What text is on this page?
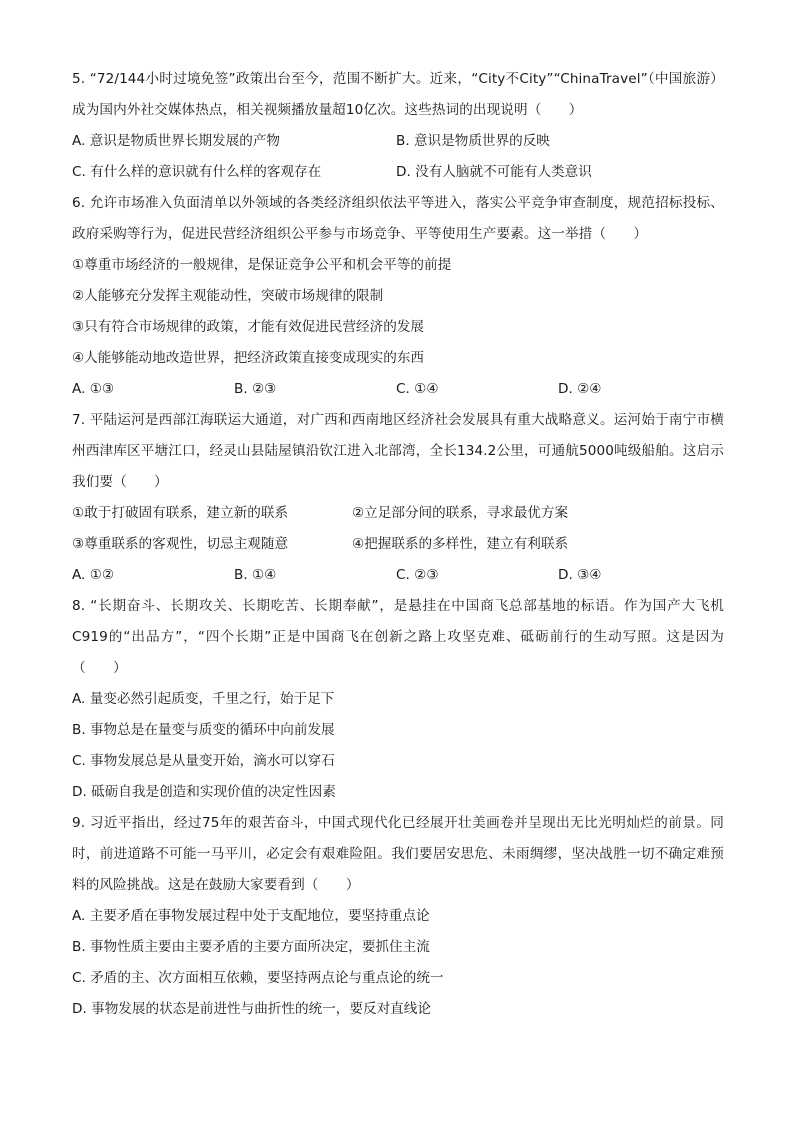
5. “72/144小时过境免签”政策出台至今，范围不断扩大。近来，“City不City”“ChinaTravel”（中国旅游）成为国内外社交媒体热点，相关视频播放量超10亿次。这些热词的出现说明（　　）

A. 意识是物质世界长期发展的产物	B. 意识是物质世界的反映
C. 有什么样的意识就有什么样的客观存在	D. 没有人脑就不可能有人类意识

6. 允许市场准入负面清单以外领域的各类经济组织依法平等进入，落实公平竞争审查制度，规范招标投标、政府采购等行为，促进民营经济组织公平参与市场竞争、平等使用生产要素。这一举措（　　）

①尊重市场经济的一般规律，是保证竞争公平和机会平等的前提

②人能够充分发挥主观能动性，突破市场规律的限制

③只有符合市场规律的政策，才能有效促进民营经济的发展

④人能够能动地改造世界，把经济政策直接变成现实的东西

A. ①③	B. ②③	C. ①④	D. ②④

7. 平陆运河是西部江海联运大通道，对广西和西南地区经济社会发展具有重大战略意义。运河始于南宁市横州西津库区平塘江口，经灵山县陆屋镇沿钦江进入北部湾，全长134.2公里，可通航5000吨级船舶。这启示我们要（　　）

①敢于打破固有联系，建立新的联系	②立足部分间的联系，寻求最优方案
③尊重联系的客观性，切忌主观随意	④把握联系的多样性，建立有利联系
A. ①②	B. ①④	C. ②③	D. ③④

8. “长期奋斗、长期攻关、长期吃苦、长期奉献”，是悬挂在中国商飞总部基地的标语。作为国产大飞机C919的“出品方”，“四个长期”正是中国商飞在创新之路上攻坚克难、砥砺前行的生动写照。这是因为（　　）

A. 量变必然引起质变，千里之行，始于足下

B. 事物总是在量变与质变的循环中向前发展

C. 事物发展总是从量变开始，滴水可以穿石

D. 砥砺自我是创造和实现价值的决定性因素

9. 习近平指出，经过75年的艰苦奋斗，中国式现代化已经展开壮美画卷并呈现出无比光明灿烂的前景。同时，前进道路不可能一马平川，必定会有艰难险阻。我们要居安思危、未雨绸缪，坚决战胜一切不确定难预料的风险挑战。这是在鼓励大家要看到（　　）

A. 主要矛盾在事物发展过程中处于支配地位，要坚持重点论

B. 事物性质主要由主要矛盾的主要方面所决定，要抓住主流

C. 矛盾的主、次方面相互依赖，要坚持两点论与重点论的统一

D. 事物发展的状态是前进性与曲折性的统一，要反对直线论
